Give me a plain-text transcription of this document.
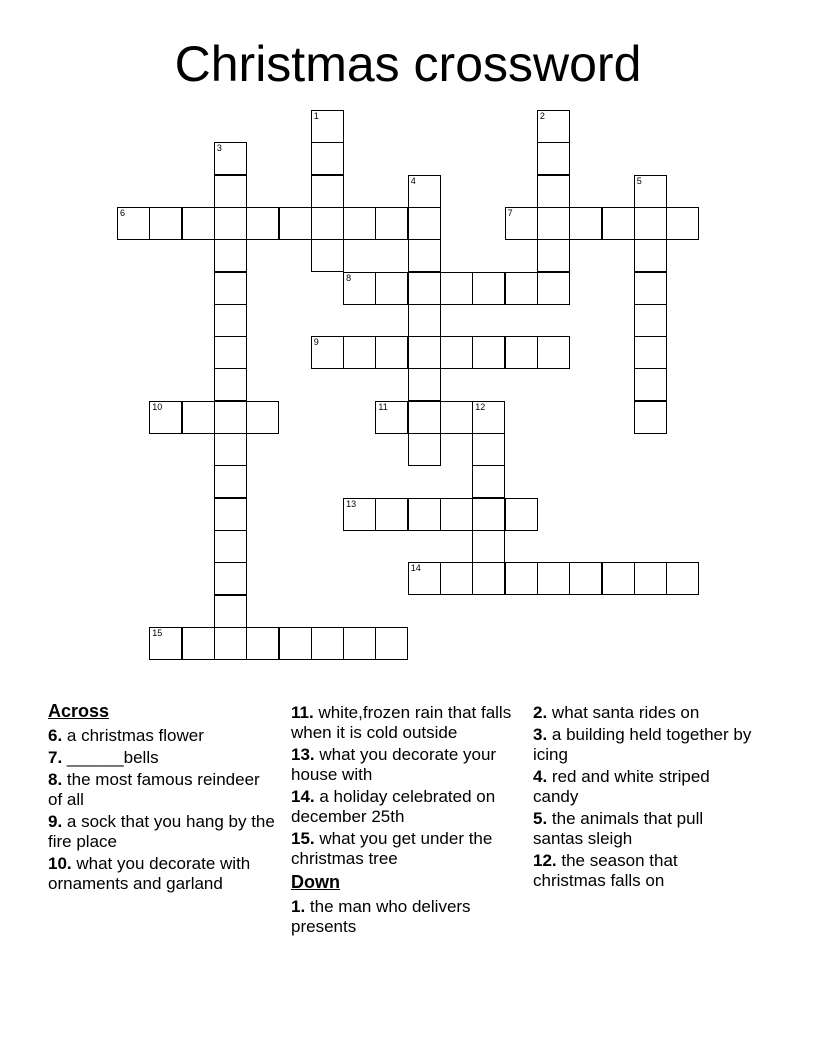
Christmas crossword
6	7
8
9
10	11
13
14
15
1	2
3
4	5
12
Across
6. a christmas flower
7. ______bells
8. the most famous reindeer of all
9. a sock that you hang by the fire place
10. what you decorate with ornaments and garland
11. white,frozen rain that falls when it is cold outside
13. what you decorate your house with
14. a holiday celebrated on december 25th
15. what you get under the christmas tree
Down
1. the man who delivers presents
2. what santa rides on
3. a building held together by icing
4. red and white striped candy
5. the animals that pull santas sleigh
12. the season that christmas falls on
